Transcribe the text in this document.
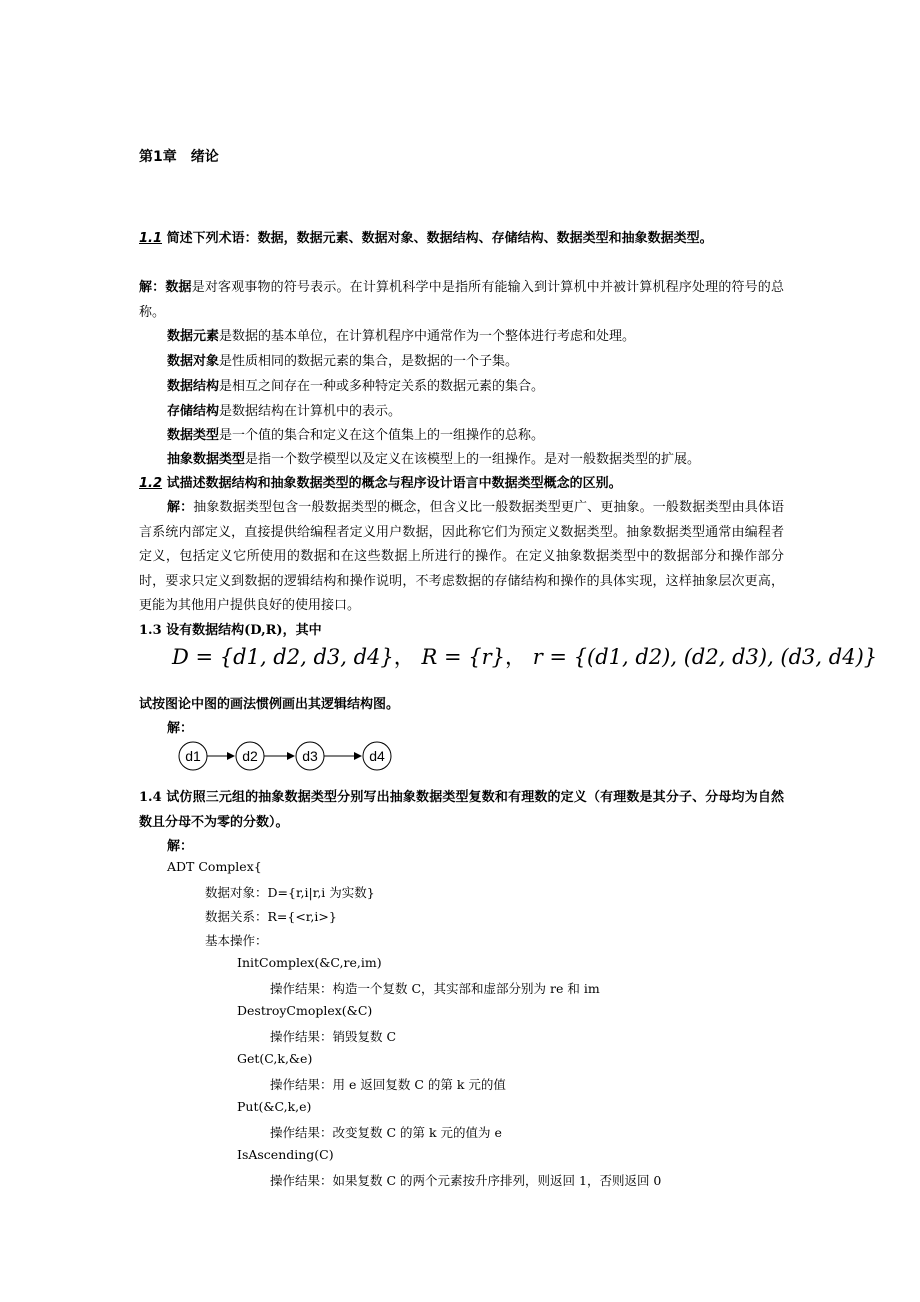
第1章　绪论
1.1 简述下列术语：数据，数据元素、数据对象、数据结构、存储结构、数据类型和抽象数据类型。
解：数据是对客观事物的符号表示。在计算机科学中是指所有能输入到计算机中并被计算机程序处理的符号的总称。
数据元素是数据的基本单位，在计算机程序中通常作为一个整体进行考虑和处理。
数据对象是性质相同的数据元素的集合，是数据的一个子集。
数据结构是相互之间存在一种或多种特定关系的数据元素的集合。
存储结构是数据结构在计算机中的表示。
数据类型是一个值的集合和定义在这个值集上的一组操作的总称。
抽象数据类型是指一个数学模型以及定义在该模型上的一组操作。是对一般数据类型的扩展。
1.2 试描述数据结构和抽象数据类型的概念与程序设计语言中数据类型概念的区别。
解：抽象数据类型包含一般数据类型的概念，但含义比一般数据类型更广、更抽象。一般数据类型由具体语言系统内部定义，直接提供给编程者定义用户数据，因此称它们为预定义数据类型。抽象数据类型通常由编程者定义，包括定义它所使用的数据和在这些数据上所进行的操作。在定义抽象数据类型中的数据部分和操作部分时，要求只定义到数据的逻辑结构和操作说明，不考虑数据的存储结构和操作的具体实现，这样抽象层次更高，更能为其他用户提供良好的使用接口。
1.3 设有数据结构(D,R)，其中
D = {d1, d2, d3, d4}， R = {r}， r = {(d1, d2), (d2, d3), (d3, d4)}
试按图论中图的画法惯例画出其逻辑结构图。
解：
d1	d2	d3	d4
1.4 试仿照三元组的抽象数据类型分别写出抽象数据类型复数和有理数的定义（有理数是其分子、分母均为自然数且分母不为零的分数）。
解：
ADT Complex{
数据对象：D={r,i|r,i 为实数}
数据关系：R={<r,i>}
基本操作：
InitComplex(&C,re,im)
操作结果：构造一个复数 C，其实部和虚部分别为 re 和 im
DestroyCmoplex(&C)
操作结果：销毁复数 C
Get(C,k,&e)
操作结果：用 e 返回复数 C 的第 k 元的值
Put(&C,k,e)
操作结果：改变复数 C 的第 k 元的值为 e
IsAscending(C)
操作结果：如果复数 C 的两个元素按升序排列，则返回 1，否则返回 0
